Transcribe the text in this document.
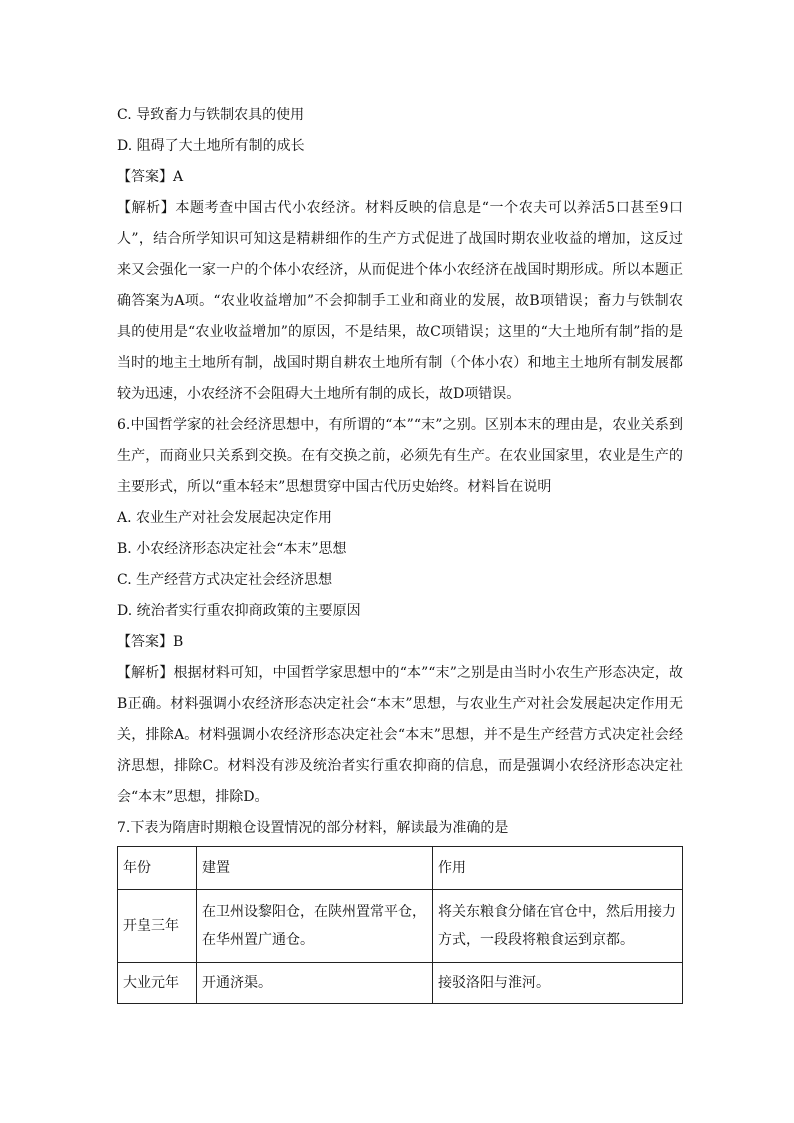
C. 导致畜力与铁制农具的使用

D. 阻碍了大土地所有制的成长

【答案】A

【解析】本题考查中国古代小农经济。材料反映的信息是“一个农夫可以养活5口甚至9口人”，结合所学知识可知这是精耕细作的生产方式促进了战国时期农业收益的增加，这反过来又会强化一家一户的个体小农经济，从而促进个体小农经济在战国时期形成。所以本题正确答案为A项。“农业收益增加”不会抑制手工业和商业的发展，故B项错误；畜力与铁制农具的使用是“农业收益增加”的原因，不是结果，故C项错误；这里的“大土地所有制”指的是当时的地主土地所有制，战国时期自耕农土地所有制（个体小农）和地主土地所有制发展都较为迅速，小农经济不会阻碍大土地所有制的成长，故D项错误。

6.中国哲学家的社会经济思想中，有所谓的“本”“末”之别。区别本末的理由是，农业关系到生产，而商业只关系到交换。在有交换之前，必须先有生产。在农业国家里，农业是生产的主要形式，所以“重本轻末”思想贯穿中国古代历史始终。材料旨在说明

A. 农业生产对社会发展起决定作用

B. 小农经济形态决定社会“本末”思想

C. 生产经营方式决定社会经济思想

D. 统治者实行重农抑商政策的主要原因

【答案】B

【解析】根据材料可知，中国哲学家思想中的“本”“末”之别是由当时小农生产形态决定，故B正确。材料强调小农经济形态决定社会“本末”思想，与农业生产对社会发展起决定作用无关，排除A。材料强调小农经济形态决定社会“本末”思想，并不是生产经营方式决定社会经济思想，排除C。材料没有涉及统治者实行重农抑商的信息，而是强调小农经济形态决定社会“本末”思想，排除D。

7.下表为隋唐时期粮仓设置情况的部分材料，解读最为准确的是

年份	建置	作用
开皇三年	在卫州设黎阳仓，在陕州置常平仓，在华州置广通仓。	将关东粮食分储在官仓中，然后用接力方式，一段段将粮食运到京都。
大业元年	开通济渠。	接驳洛阳与淮河。
